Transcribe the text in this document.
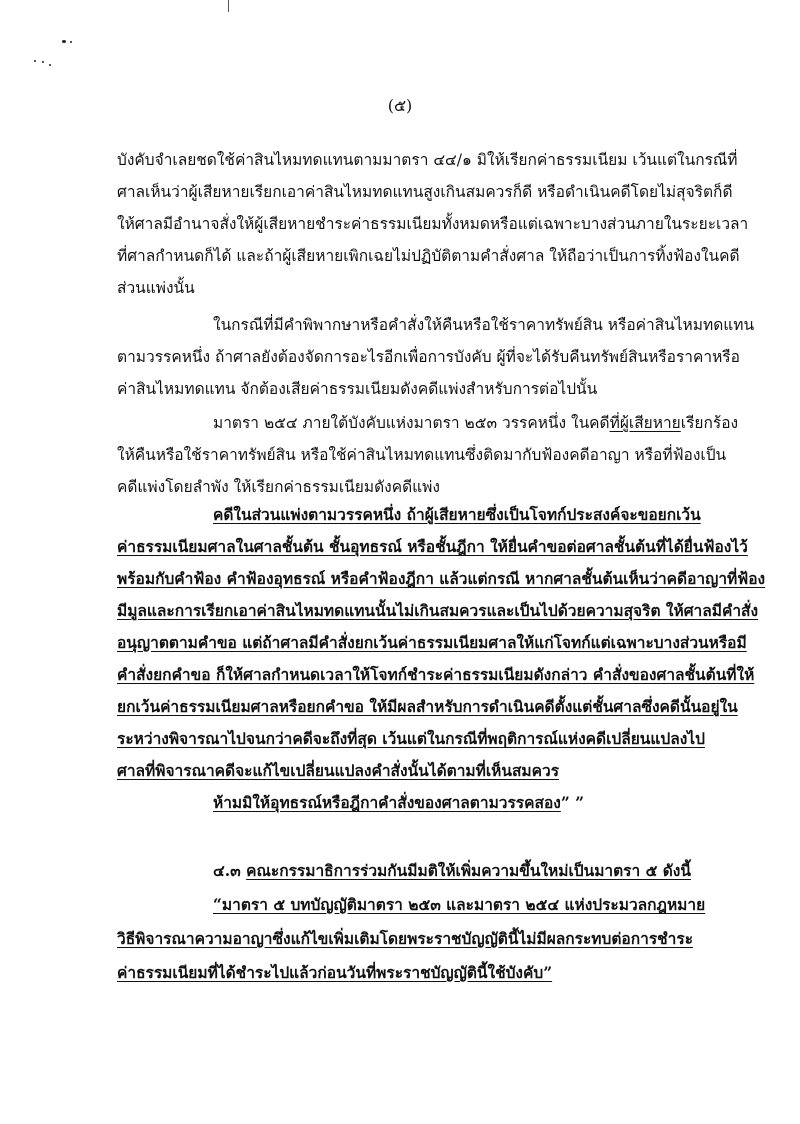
(๕)
บังคับจำเลยชดใช้ค่าสินไหมทดแทนตามมาตรา ๔๔/๑ มิให้เรียกค่าธรรมเนียม เว้นแต่ในกรณีที่
ศาลเห็นว่าผู้เสียหายเรียกเอาค่าสินไหมทดแทนสูงเกินสมควรก็ดี หรือดำเนินคดีโดยไม่สุจริตก็ดี
ให้ศาลมีอำนาจสั่งให้ผู้เสียหายชำระค่าธรรมเนียมทั้งหมดหรือแต่เฉพาะบางส่วนภายในระยะเวลา
ที่ศาลกำหนดก็ได้ และถ้าผู้เสียหายเพิกเฉยไม่ปฏิบัติตามคำสั่งศาล ให้ถือว่าเป็นการทิ้งฟ้องในคดี
ส่วนแพ่งนั้น
ในกรณีที่มีคำพิพากษาหรือคำสั่งให้คืนหรือใช้ราคาทรัพย์สิน หรือค่าสินไหมทดแทน
ตามวรรคหนึ่ง ถ้าศาลยังต้องจัดการอะไรอีกเพื่อการบังคับ ผู้ที่จะได้รับคืนทรัพย์สินหรือราคาหรือ
ค่าสินไหมทดแทน จักต้องเสียค่าธรรมเนียมดังคดีแพ่งสำหรับการต่อไปนั้น
มาตรา ๒๕๔ ภายใต้บังคับแห่งมาตรา ๒๕๓ วรรคหนึ่ง ในคดีที่ผู้เสียหายเรียกร้อง
ให้คืนหรือใช้ราคาทรัพย์สิน หรือใช้ค่าสินไหมทดแทนซึ่งติดมากับฟ้องคดีอาญา หรือที่ฟ้องเป็น
คดีแพ่งโดยลำพัง ให้เรียกค่าธรรมเนียมดังคดีแพ่ง
คดีในส่วนแพ่งตามวรรคหนึ่ง ถ้าผู้เสียหายซึ่งเป็นโจทก์ประสงค์จะขอยกเว้น
ค่าธรรมเนียมศาลในศาลชั้นต้น ชั้นอุทธรณ์ หรือชั้นฎีกา ให้ยื่นคำขอต่อศาลชั้นต้นที่ได้ยื่นฟ้องไว้
พร้อมกับคำฟ้อง คำฟ้องอุทธรณ์ หรือคำฟ้องฎีกา แล้วแต่กรณี หากศาลชั้นต้นเห็นว่าคดีอาญาที่ฟ้อง
มีมูลและการเรียกเอาค่าสินไหมทดแทนนั้นไม่เกินสมควรและเป็นไปด้วยความสุจริต ให้ศาลมีคำสั่ง
อนุญาตตามคำขอ แต่ถ้าศาลมีคำสั่งยกเว้นค่าธรรมเนียมศาลให้แก่โจทก์แต่เฉพาะบางส่วนหรือมี
คำสั่งยกคำขอ ก็ให้ศาลกำหนดเวลาให้โจทก์ชำระค่าธรรมเนียมดังกล่าว คำสั่งของศาลชั้นต้นที่ให้
ยกเว้นค่าธรรมเนียมศาลหรือยกคำขอ ให้มีผลสำหรับการดำเนินคดีตั้งแต่ชั้นศาลซึ่งคดีนั้นอยู่ใน
ระหว่างพิจารณาไปจนกว่าคดีจะถึงที่สุด เว้นแต่ในกรณีที่พฤติการณ์แห่งคดีเปลี่ยนแปลงไป
ศาลที่พิจารณาคดีจะแก้ไขเปลี่ยนแปลงคำสั่งนั้นได้ตามที่เห็นสมควร
ห้ามมิให้อุทธรณ์หรือฎีกาคำสั่งของศาลตามวรรคสอง” ”
๔.๓ คณะกรรมาธิการร่วมกันมีมติให้เพิ่มความขึ้นใหม่เป็นมาตรา ๕ ดังนี้
“มาตรา ๕ บทบัญญัติมาตรา ๒๕๓ และมาตรา ๒๕๔ แห่งประมวลกฎหมาย
วิธีพิจารณาความอาญาซึ่งแก้ไขเพิ่มเติมโดยพระราชบัญญัตินี้ไม่มีผลกระทบต่อการชำระ
ค่าธรรมเนียมที่ได้ชำระไปแล้วก่อนวันที่พระราชบัญญัตินี้ใช้บังคับ”
